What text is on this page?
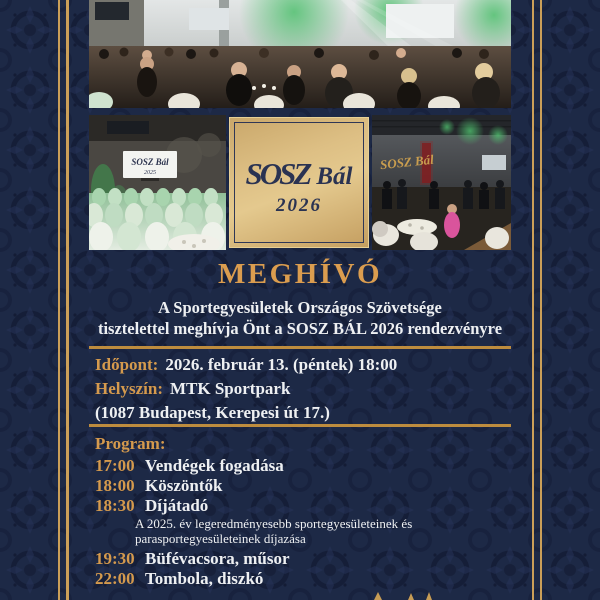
SOSZ Bál
2025	SOSZ Bál
2026
SOSZ Bál
MEGHÍVÓ
A Sportegyesületek Országos Szövetsége
tisztelettel meghívja Önt a SOSZ BÁL 2026 rendezvényre
Időpont: 2026. február 13. (péntek) 18:00
Helyszín: MTK Sportpark
(1087 Budapest, Kerepesi út 17.)
Program:
17:00 Vendégek fogadása
18:00 Köszöntők
18:30 Díjátadó
A 2025. év legeredményesebb sportegyesületeinek és parasportegyesületeinek díjazása
19:30 Büfévacsora, műsor
22:00 Tombola, diszkó
